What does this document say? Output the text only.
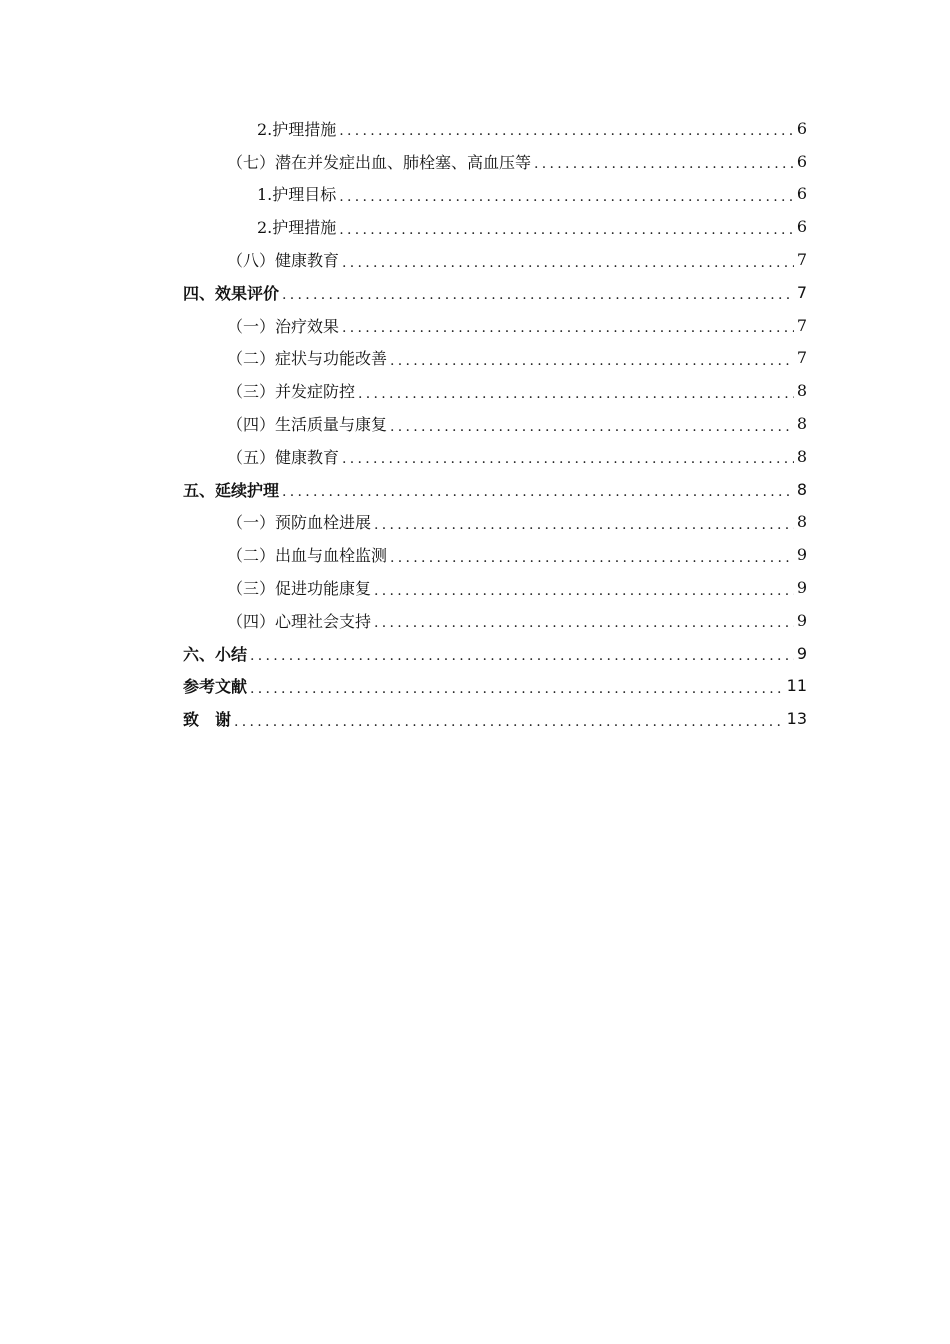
2.护理措施 .....	6
（七）潜在并发症出血、肺栓塞、高血压等 .....	6
1.护理目标 .....	6
2.护理措施 .....	6
（八）健康教育 .....	7
四、效果评价 .....	7
（一）治疗效果 .....	7
（二）症状与功能改善 .....	7
（三）并发症防控 .....	8
（四）生活质量与康复 .....	8
（五）健康教育 .....	8
五、延续护理 .....	8
（一）预防血栓进展 .....	8
（二）出血与血栓监测 .....	9
（三）促进功能康复 .....	9
（四）心理社会支持 .....	9
六、小结 .....	9
参考文献 .....	11
致　谢 .....	13
